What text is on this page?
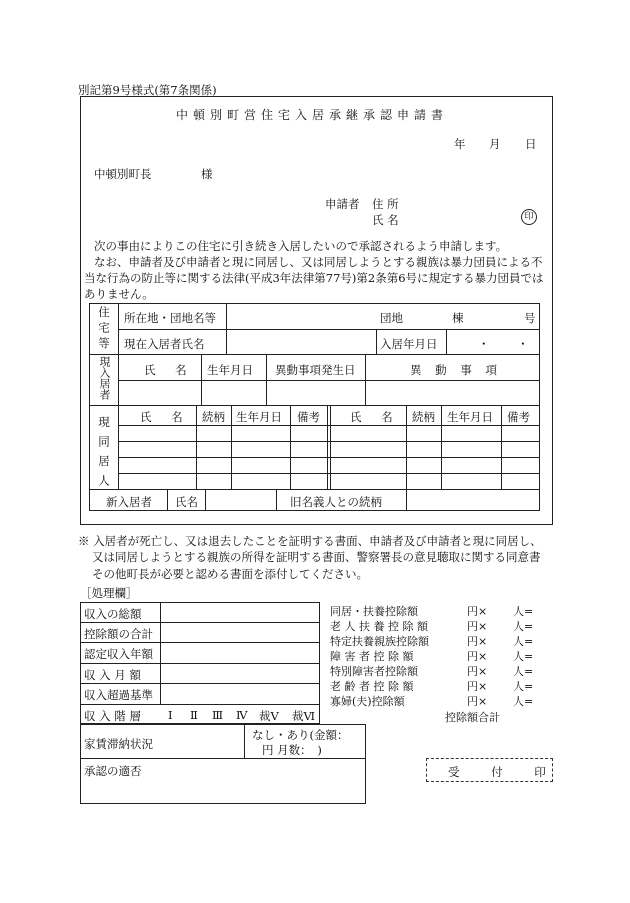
別記第9号様式(第7条関係)
中頓別町営住宅入居承継承認申請書
年 月 日
中頓別町長	様
申請者 住 所
氏 名	印
次の事由によりこの住宅に引き続き入居したいので承認されるよう申請します。
なお、申請者及び申請者と現に同居し、又は同居しようとする親族は暴力団員による不
当な行為の防止等に関する法律(平成3年法律第77号)第2条第6号に規定する暴力団員では
ありません。
住宅等 所在地・団地名等	団地	棟	号
現在入居者氏名	入居年月日	・ ・
現入居者	氏 名 生年月日 異動事項発生日	異 動 事 項
現同居人	氏 名 続柄 生年月日 備考	氏 名 続柄 生年月日 備考
新入居者 氏名	旧名義人との続柄
※ 入居者が死亡し、又は退去したことを証明する書面、申請者及び申請者と現に同居し、
又は同居しようとする親族の所得を証明する書面、警察署長の意見聴取に関する同意書
その他町長が必要と認める書面を添付してください。
［処理欄］
収入の総額
控除額の合計
認定収入年額
収 入 月 額
収入超過基準
収 入 階 層 Ⅰ Ⅱ Ⅲ Ⅳ 裁Ⅴ 裁Ⅵ
同居・扶養控除額	円× 人=
老 人 扶 養 控 除 額	円× 人=
特定扶養親族控除額	円× 人=
障 害 者 控 除 額	円× 人=
特別障害者控除額	円× 人=
老 齢 者 控 除 額	円× 人=
寡婦(夫)控除額	円× 人=
控除額合計
家賃滞納状況
なし・あり(金額：
円 月数：　)
承認の適否	受 付 印
